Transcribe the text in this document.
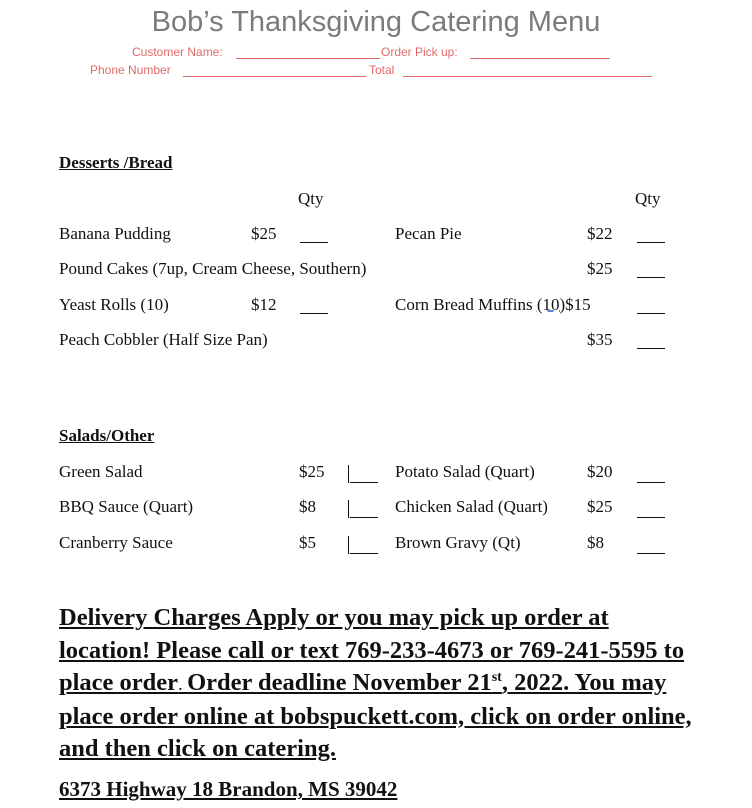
Bob’s Thanksgiving Catering Menu
Customer Name:	Order Pick up:
Phone Number	Total
Desserts /Bread
Qty	Qty
Banana Pudding	$25	Pecan Pie	$22
Pound Cakes (7up, Cream Cheese, Southern)	$25
Yeast Rolls (10)	$12	Corn Bread Muffins (10)$15
Peach Cobbler (Half Size Pan)	$35
Salads/Other
Green Salad	$25	Potato Salad (Quart)	$20
BBQ Sauce (Quart)	$8	Chicken Salad (Quart) $25
Cranberry Sauce	$5	Brown Gravy (Qt)	$8
Delivery Charges Apply or you may pick up order at location! Please call or text 769-233-4673 or 769-241-5595 to place order. Order deadline November 21st, 2022. You may place order online at bobspuckett.com, click on order online, and then click on catering.
6373 Highway 18 Brandon, MS 39042
